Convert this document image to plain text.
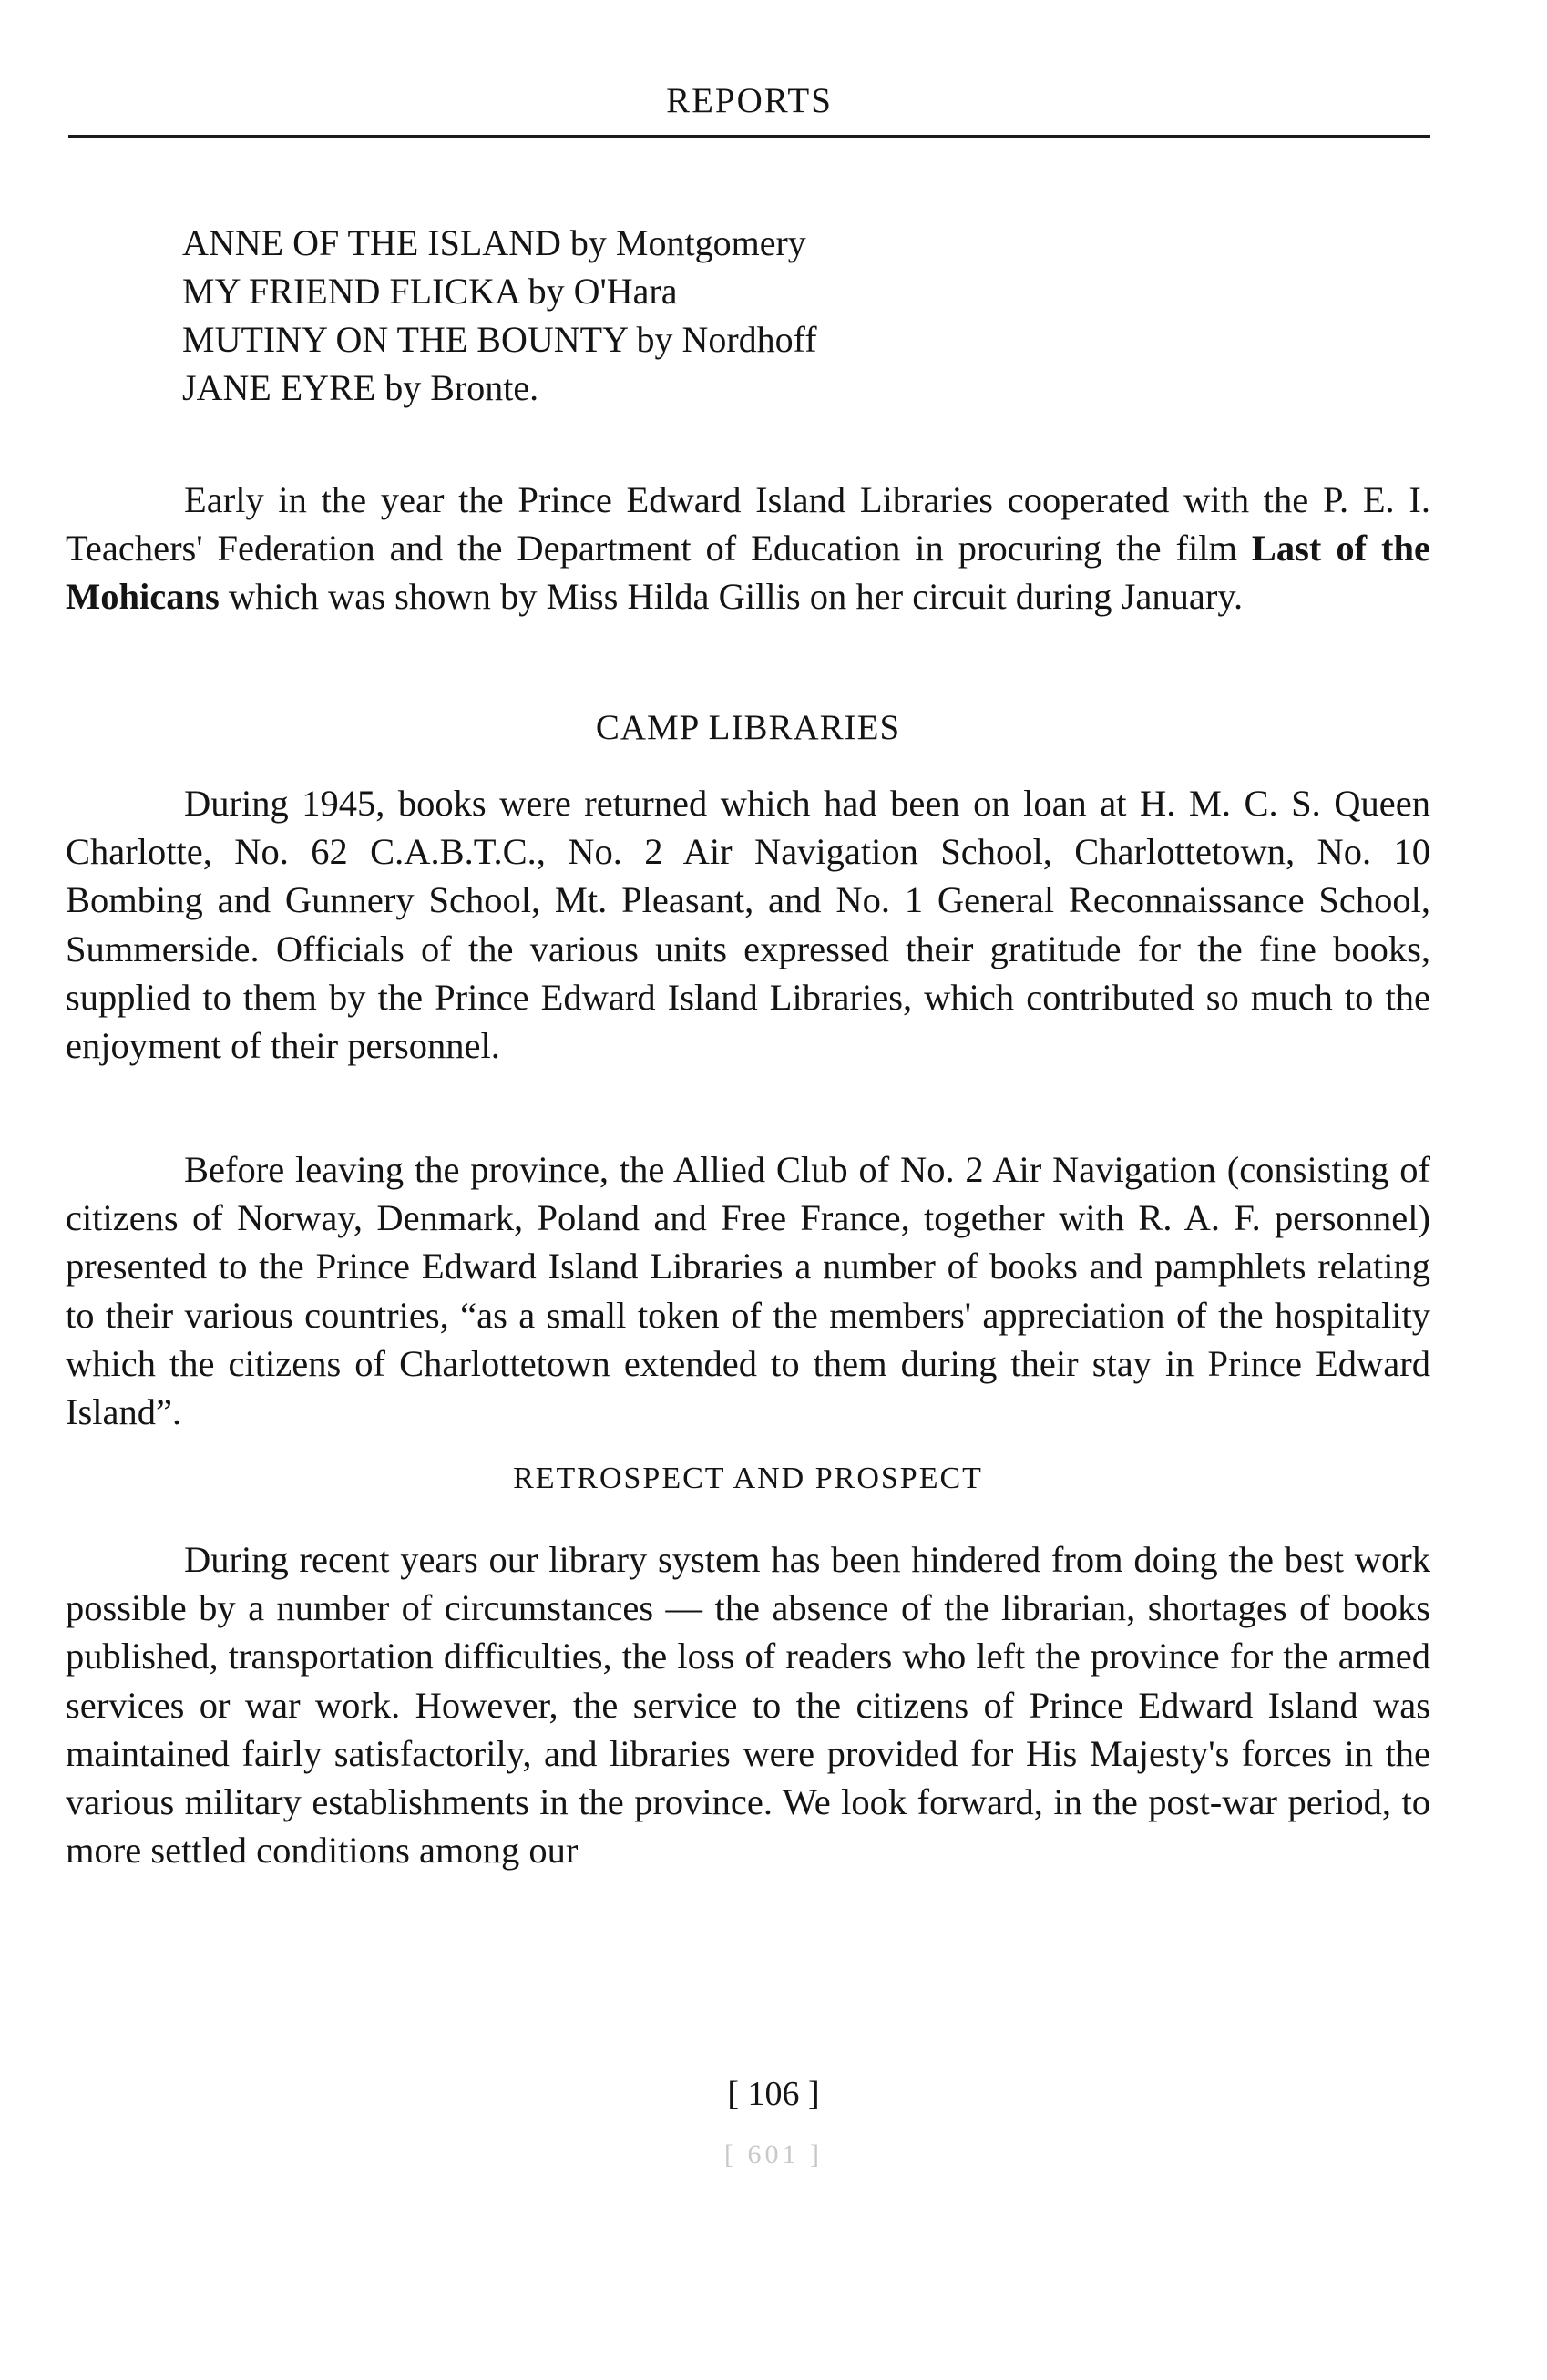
REPORTS
ANNE OF THE ISLAND by Montgomery
MY FRIEND FLICKA by O'Hara
MUTINY ON THE BOUNTY by Nordhoff
JANE EYRE by Bronte.

Early in the year the Prince Edward Island Libraries cooperated with the P. E. I. Teachers' Federation and the Department of Education in procuring the film Last of the Mohicans which was shown by Miss Hilda Gillis on her circuit during January.

CAMP LIBRARIES

During 1945, books were returned which had been on loan at H. M. C. S. Queen Charlotte, No. 62 C.A.B.T.C., No. 2 Air Navigation School, Charlottetown, No. 10 Bombing and Gunnery School, Mt. Pleasant, and No. 1 General Reconnaissance School, Summerside. Officials of the various units expressed their gratitude for the fine books, supplied to them by the Prince Edward Island Libraries, which contributed so much to the enjoyment of their personnel.

Before leaving the province, the Allied Club of No. 2 Air Navigation (consisting of citizens of Norway, Denmark, Poland and Free France, together with R. A. F. personnel) presented to the Prince Edward Island Libraries a number of books and pamphlets relating to their various countries, “as a small token of the members' appreciation of the hospitality which the citizens of Charlottetown extended to them during their stay in Prince Edward Island”.

RETROSPECT AND PROSPECT

During recent years our library system has been hindered from doing the best work possible by a number of circumstances — the absence of the librarian, shortages of books published, transportation difficulties, the loss of readers who left the province for the armed services or war work. However, the service to the citizens of Prince Edward Island was maintained fairly satisfactorily, and libraries were provided for His Majesty's forces in the various military establishments in the province. We look forward, in the post-war period, to more settled conditions among our

[ 106 ]
[ 601 ]
